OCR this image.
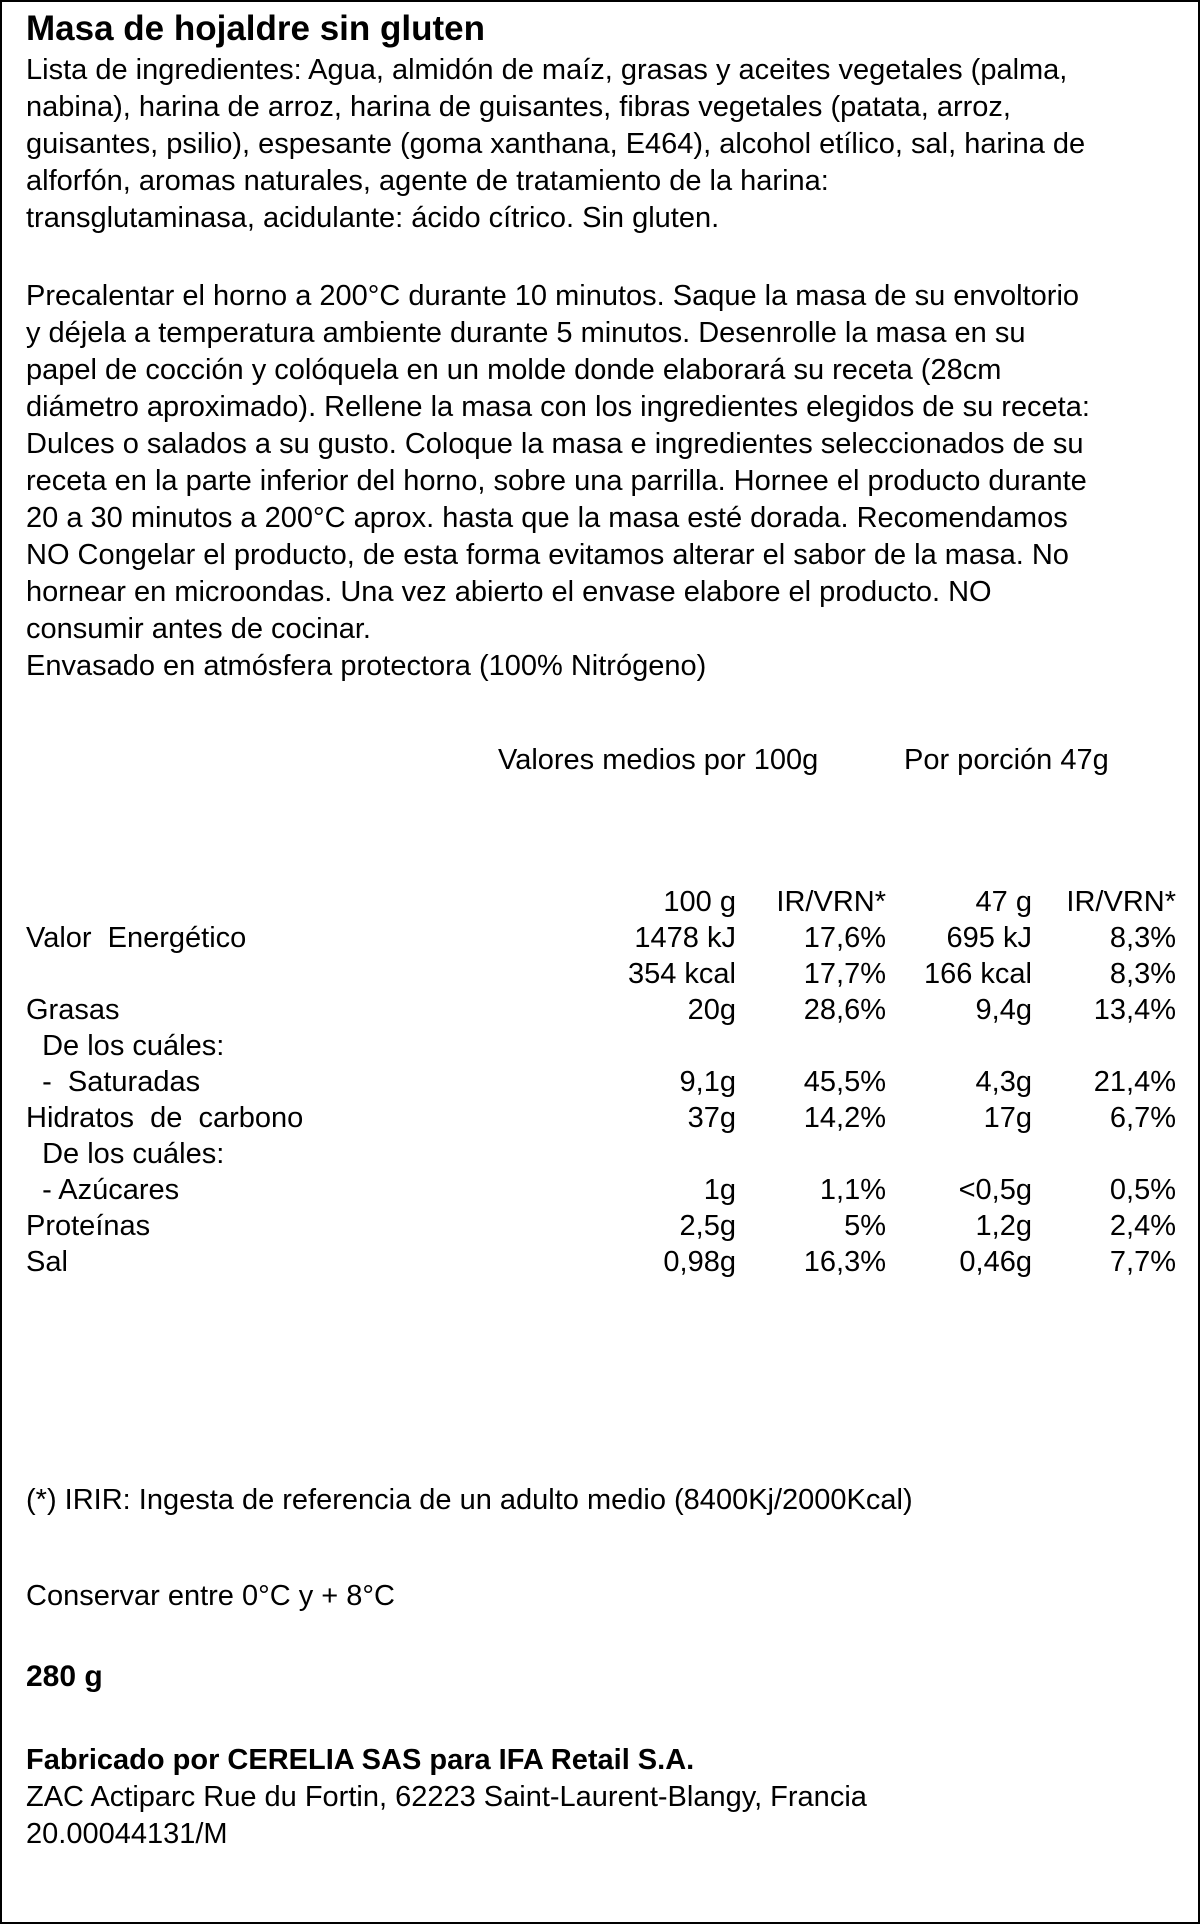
Masa de hojaldre sin gluten
Lista de ingredientes: Agua, almidón de maíz, grasas y aceites vegetales (palma,
nabina), harina de arroz, harina de guisantes, fibras vegetales (patata, arroz,
guisantes, psilio), espesante (goma xanthana, E464), alcohol etílico, sal, harina de
alforfón, aromas naturales, agente de tratamiento de la harina:
transglutaminasa, acidulante: ácido cítrico. Sin gluten.
Precalentar el horno a 200°C durante 10 minutos. Saque la masa de su envoltorio
y déjela a temperatura ambiente durante 5 minutos. Desenrolle la masa en su
papel de cocción y colóquela en un molde donde elaborará su receta (28cm
diámetro aproximado). Rellene la masa con los ingredientes elegidos de su receta:
Dulces o salados a su gusto. Coloque la masa e ingredientes seleccionados de su
receta en la parte inferior del horno, sobre una parrilla. Hornee el producto durante
20 a 30 minutos a 200°C aprox. hasta que la masa esté dorada. Recomendamos
NO Congelar el producto, de esta forma evitamos alterar el sabor de la masa. No
hornear en microondas. Una vez abierto el envase elabore el producto. NO
consumir antes de cocinar.
Envasado en atmósfera protectora (100% Nitrógeno)
Valores medios por 100g	Por porción 47g
100 g IR/VRN*	47 g IR/VRN*
Valor  Energético	1478 kJ 17,6% 695 kJ	8,3%
354 kcal 17,7% 166 kcal	8,3%
Grasas	20g 28,6%	9,4g 13,4%
De los cuáles:
-  Saturadas	9,1g 45,5%	4,3g 21,4%
Hidratos  de  carbono	37g 14,2%	17g	6,7%
De los cuáles:
- Azúcares	1g	1,1%	<0,5g	0,5%
Proteínas	2,5g	5%	1,2g	2,4%
Sal	0,98g 16,3%	0,46g	7,7%
(*) IRIR: Ingesta de referencia de un adulto medio (8400Kj/2000Kcal)
Conservar entre 0°C y + 8°C
280 g
Fabricado por CERELIA SAS para IFA Retail S.A.
ZAC Actiparc Rue du Fortin, 62223 Saint-Laurent-Blangy, Francia
20.00044131/M
